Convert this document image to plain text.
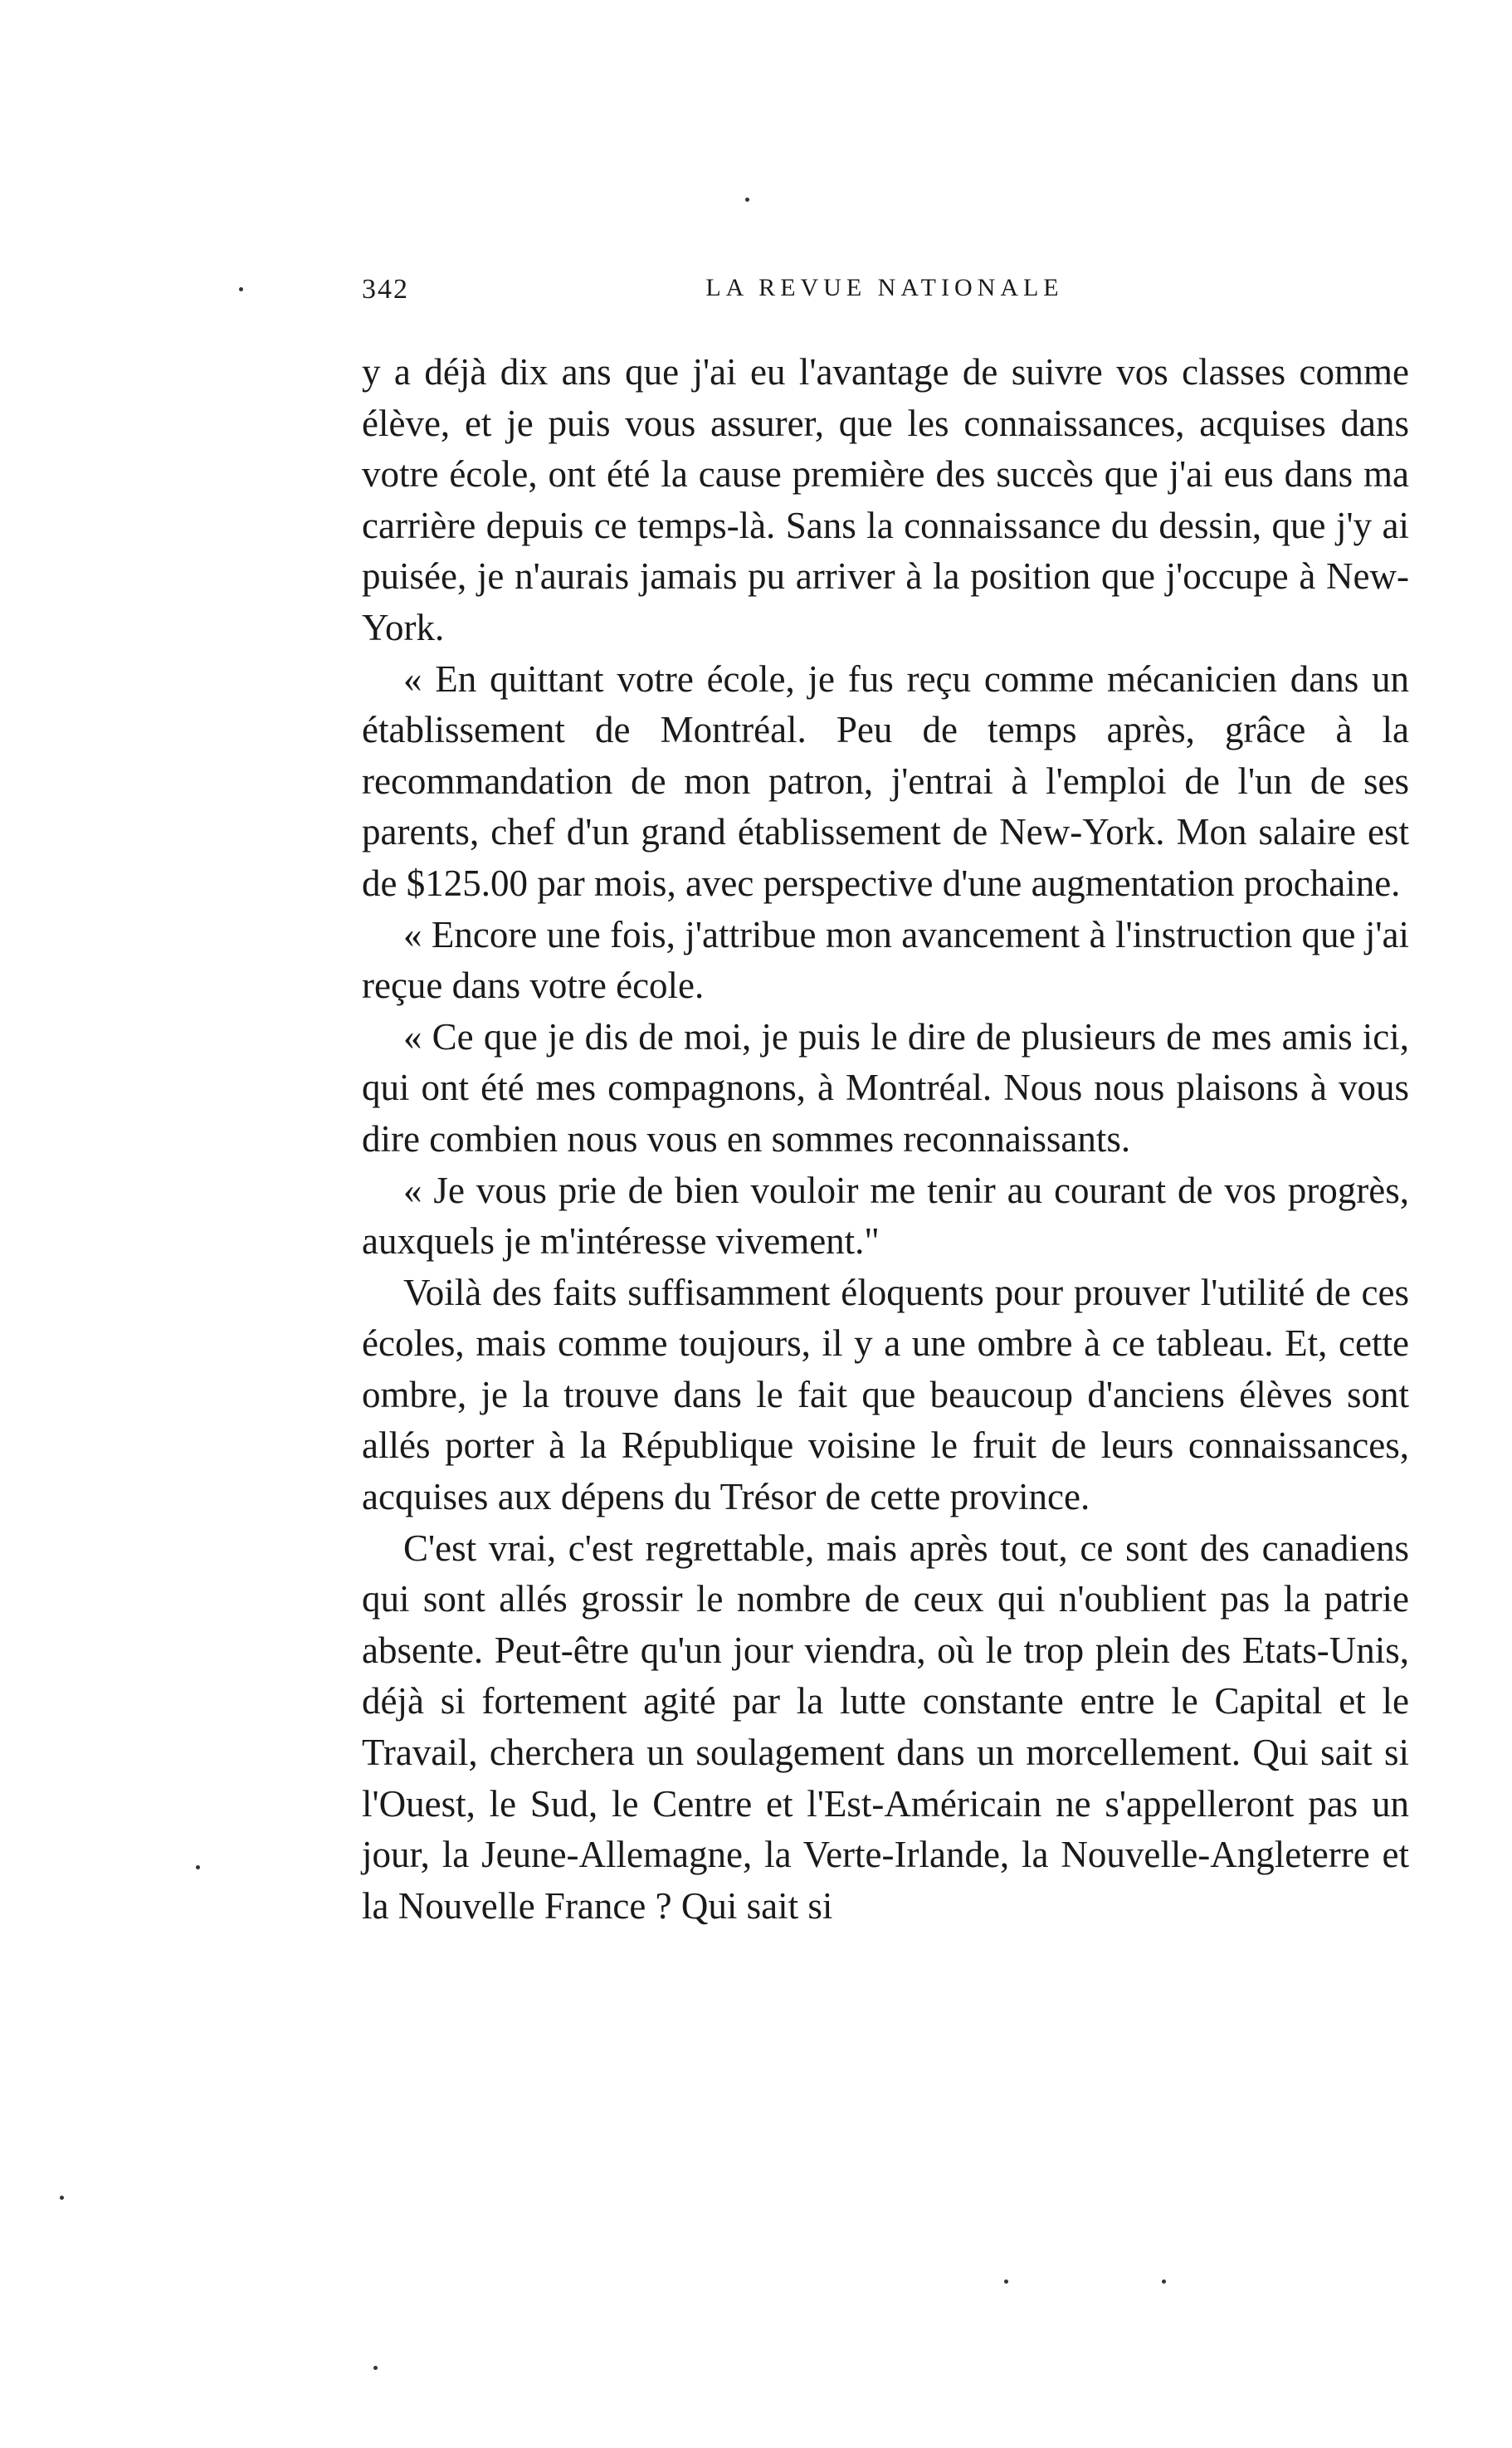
342	LA REVUE NATIONALE

y a déjà dix ans que j'ai eu l'avantage de suivre vos classes comme élève, et je puis vous assurer, que les connaissances, acquises dans votre école, ont été la cause première des succès que j'ai eus dans ma carrière depuis ce temps-là. Sans la connaissance du dessin, que j'y ai puisée, je n'aurais jamais pu arriver à la position que j'occupe à New-York.

« En quittant votre école, je fus reçu comme mécanicien dans un établissement de Montréal. Peu de temps après, grâce à la recommandation de mon patron, j'entrai à l'emploi de l'un de ses parents, chef d'un grand établissement de New-York. Mon salaire est de $125.00 par mois, avec perspective d'une augmentation prochaine.

« Encore une fois, j'attribue mon avancement à l'instruction que j'ai reçue dans votre école.

« Ce que je dis de moi, je puis le dire de plusieurs de mes amis ici, qui ont été mes compagnons, à Montréal. Nous nous plaisons à vous dire combien nous vous en sommes reconnaissants.

« Je vous prie de bien vouloir me tenir au courant de vos progrès, auxquels je m'intéresse vivement."

Voilà des faits suffisamment éloquents pour prouver l'utilité de ces écoles, mais comme toujours, il y a une ombre à ce tableau. Et, cette ombre, je la trouve dans le fait que beaucoup d'anciens élèves sont allés porter à la République voisine le fruit de leurs connaissances, acquises aux dépens du Trésor de cette province.

C'est vrai, c'est regrettable, mais après tout, ce sont des canadiens qui sont allés grossir le nombre de ceux qui n'oublient pas la patrie absente. Peut-être qu'un jour viendra, où le trop plein des Etats-Unis, déjà si fortement agité par la lutte constante entre le Capital et le Travail, cherchera un soulagement dans un morcellement. Qui sait si l'Ouest, le Sud, le Centre et l'Est-Américain ne s'appelleront pas un jour, la Jeune-Allemagne, la Verte-Irlande, la Nouvelle-Angleterre et la Nouvelle France ? Qui sait si
